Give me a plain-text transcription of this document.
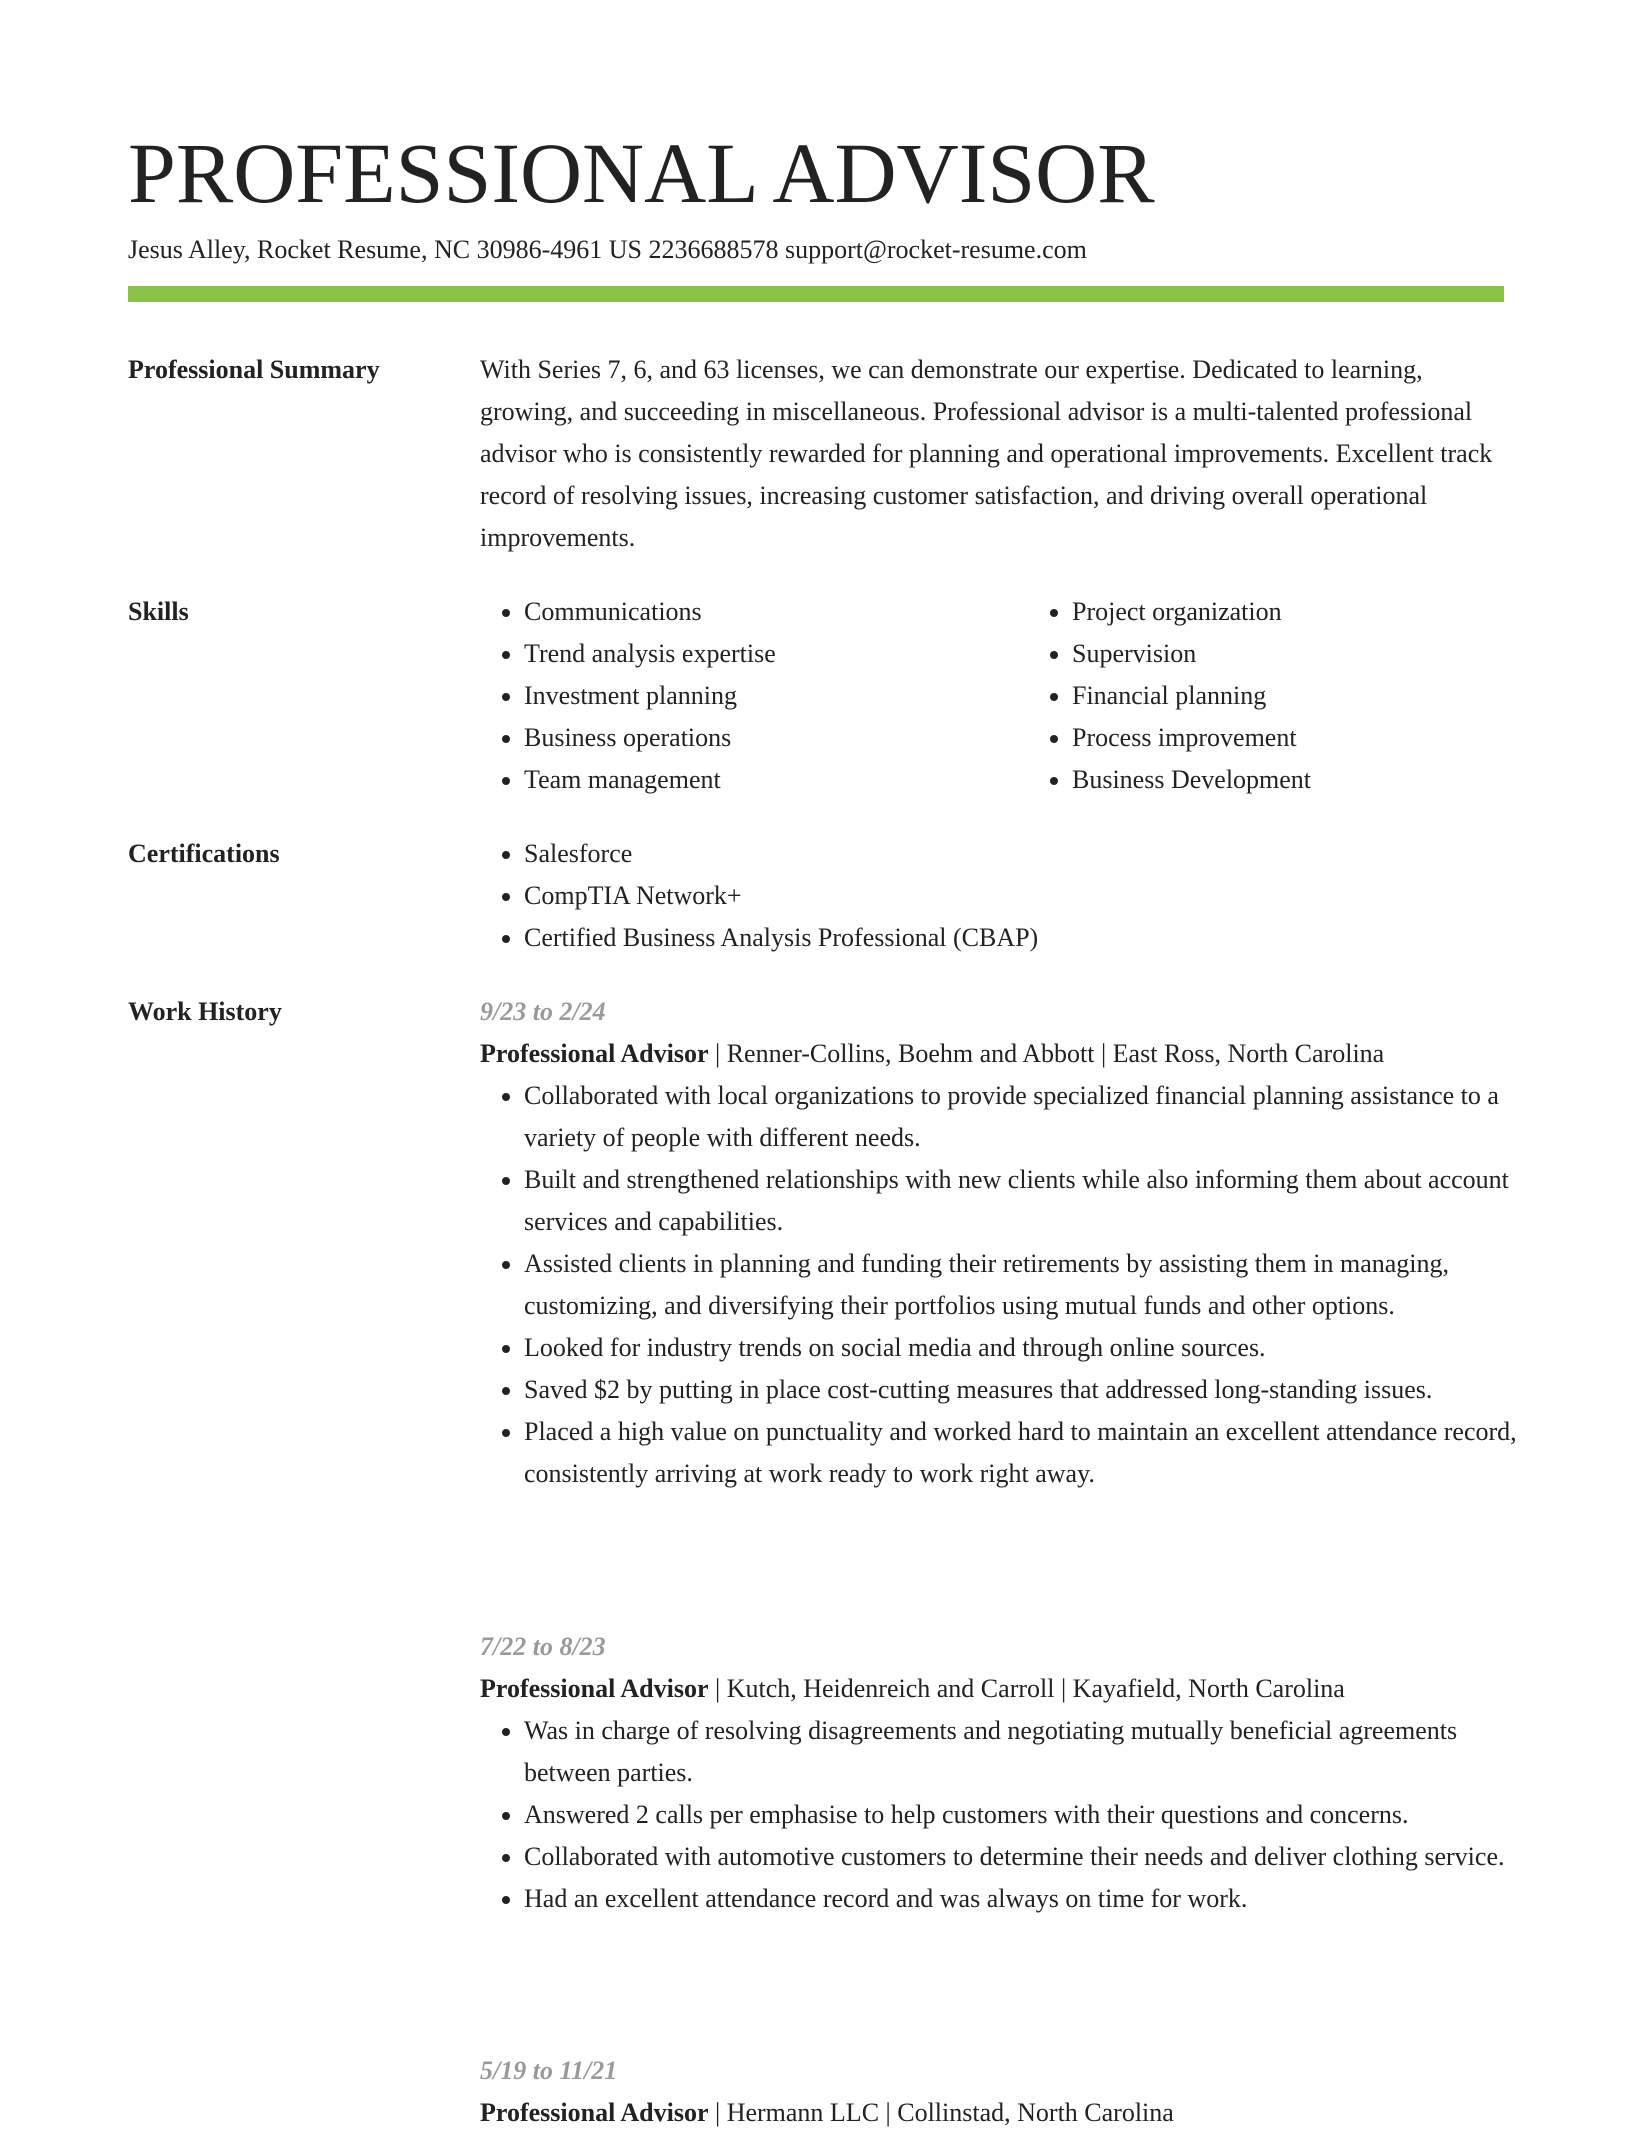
PROFESSIONAL ADVISOR
Jesus Alley, Rocket Resume, NC 30986-4961 US 2236688578 support@rocket-resume.com
Professional Summary	With Series 7, 6, and 63 licenses, we can demonstrate our expertise. Dedicated to learning, growing, and succeeding in miscellaneous. Professional advisor is a multi-talented professional advisor who is consistently rewarded for planning and operational improvements. Excellent track record of resolving issues, increasing customer satisfaction, and driving overall operational improvements.

Skills	• Communications
• Trend analysis expertise
• Investment planning
• Business operations
• Team management
• Project organization
• Supervision
• Financial planning
• Process improvement
• Business Development
Certifications	• Salesforce
• CompTIA Network+
• Certified Business Analysis Professional (CBAP)
Work History	9/23 to 2/24
Professional Advisor | Renner-Collins, Boehm and Abbott | East Ross, North Carolina
• Collaborated with local organizations to provide specialized financial planning assistance to a variety of people with different needs.
• Built and strengthened relationships with new clients while also informing them about account services and capabilities.
• Assisted clients in planning and funding their retirements by assisting them in managing, customizing, and diversifying their portfolios using mutual funds and other options.
• Looked for industry trends on social media and through online sources.
• Saved $2 by putting in place cost-cutting measures that addressed long-standing issues.
• Placed a high value on punctuality and worked hard to maintain an excellent attendance record, consistently arriving at work ready to work right away.
7/22 to 8/23
Professional Advisor | Kutch, Heidenreich and Carroll | Kayafield, North Carolina
• Was in charge of resolving disagreements and negotiating mutually beneficial agreements between parties.
• Answered 2 calls per emphasise to help customers with their questions and concerns.
• Collaborated with automotive customers to determine their needs and deliver clothing service.
• Had an excellent attendance record and was always on time for work.
5/19 to 11/21
Professional Advisor | Hermann LLC | Collinstad, North Carolina
